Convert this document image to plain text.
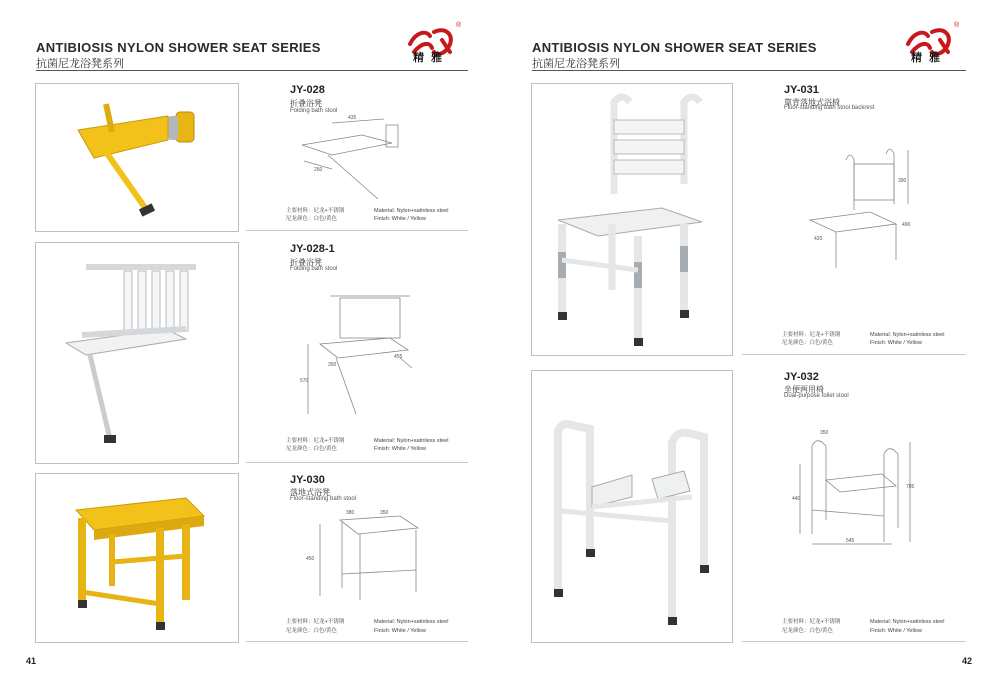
ANTIBIOSIS NYLON SHOWER SEAT SERIES
抗菌尼龙浴凳系列
®
精 雅
JY-028
折叠浴凳
Folding bath stool
435
260
主要材料：尼龙+不锈钢
尼龙颜色：白色/黄色
Material: Nylon+satinless steel
Finish: White / Yellow
JY-028-1
折叠浴凳
Folding bath stool
350
455
570
主要材料：尼龙+不锈钢
尼龙颜色：白色/黄色
Material: Nylon+satinless steel
Finish: White / Yellow
JY-030
落地式浴凳
Floor-standing bath stool
380	350
450
主要材料：尼龙+不锈钢
尼龙颜色：白色/黄色
Material: Nylon+satinless steel
Finish: White / Yellow
41
ANTIBIOSIS NYLON SHOWER SEAT SERIES
抗菌尼龙浴凳系列
®
精 雅
JY-031
靠背落地式浴椅
Floor-standing bath stool backrest
390
420
490
主要材料：尼龙+不锈钢
尼龙颜色：白色/黄色
Material: Nylon+satinless steel
Finish: White / Yellow
JY-032
坐便两用椅
Dual-purpose toilet stool
350
440
705
545
主要材料：尼龙+不锈钢
尼龙颜色：白色/黄色
Material: Nylon+satinless steel
Finish: White / Yellow
42
